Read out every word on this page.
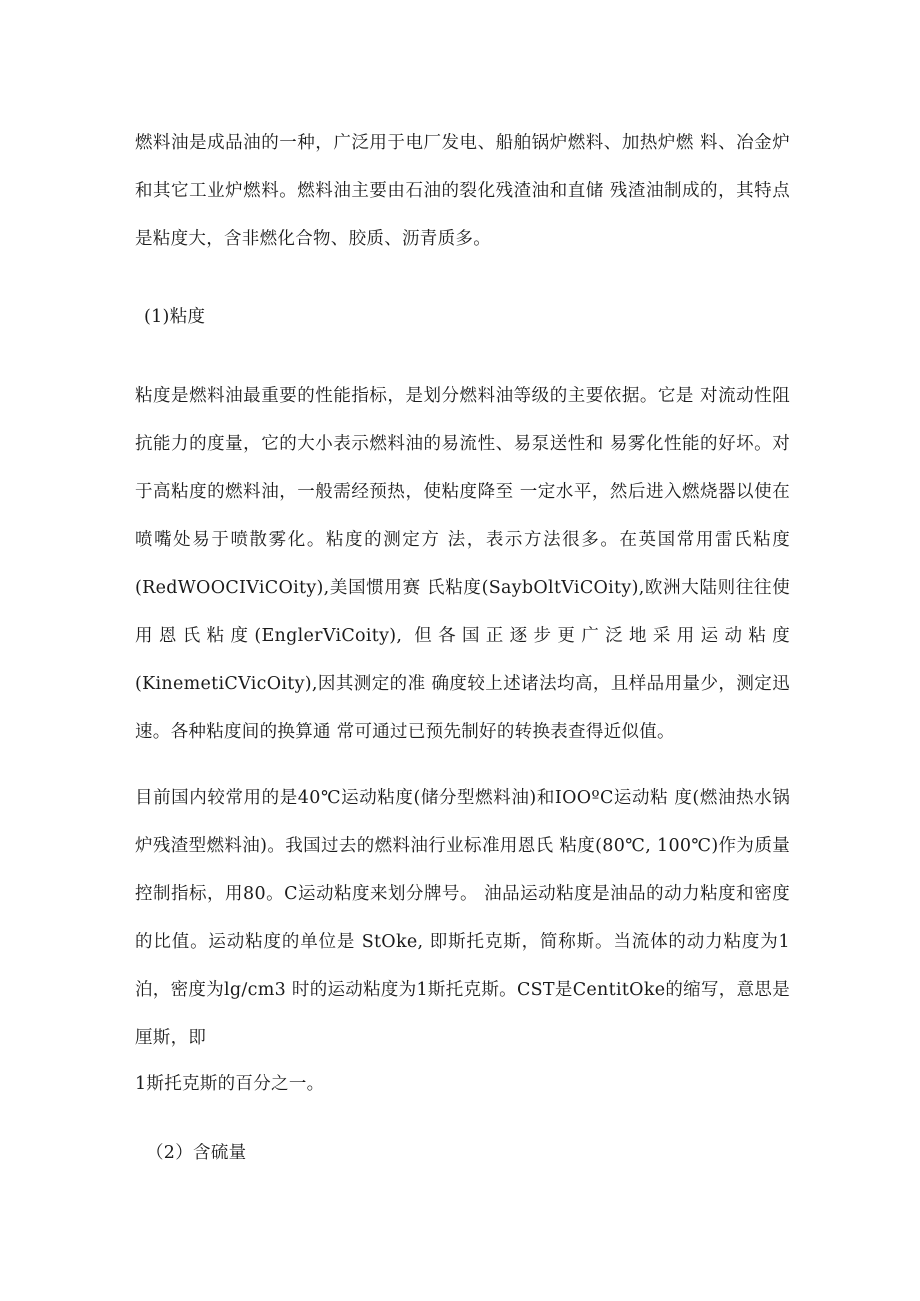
燃料油是成品油的一种，广泛用于电厂发电、船舶锅炉燃料、加热炉燃 料、冶金炉和其它工业炉燃料。燃料油主要由石油的裂化残渣油和直储 残渣油制成的，其特点是粘度大，含非燃化合物、胶质、沥青质多。

(1)粘度

粘度是燃料油最重要的性能指标，是划分燃料油等级的主要依据。它是 对流动性阻抗能力的度量，它的大小表示燃料油的易流性、易泵送性和 易雾化性能的好坏。对于高粘度的燃料油，一般需经预热，使粘度降至 一定水平，然后进入燃烧器以使在喷嘴处易于喷散雾化。粘度的测定方 法，表示方法很多。在英国常用雷氏粘度(RedWOOCIViCOity),美国惯用赛 氏粘度(SaybOltViCOity),欧洲大陆则往往使用恩氏粘度(EnglerViCoity), 但各国正逐步更广泛地采用运动粘度(KinemetiCVicOity),因其测定的准 确度较上述诸法均高，且样品用量少，测定迅速。各种粘度间的换算通 常可通过已预先制好的转换表查得近似值。

目前国内较常用的是40℃运动粘度(储分型燃料油)和IOOºC运动粘 度(燃油热水锅炉残渣型燃料油)。我国过去的燃料油行业标准用恩氏 粘度(80℃, 100℃)作为质量控制指标，用80。C运动粘度来划分牌号。 油品运动粘度是油品的动力粘度和密度的比值。运动粘度的单位是 StOke, 即斯托克斯，简称斯。当流体的动力粘度为1泊，密度为lg∕cm3 时的运动粘度为1斯托克斯。CST是CentitOke的缩写，意思是厘斯，即

1斯托克斯的百分之一。

（2）含硫量
